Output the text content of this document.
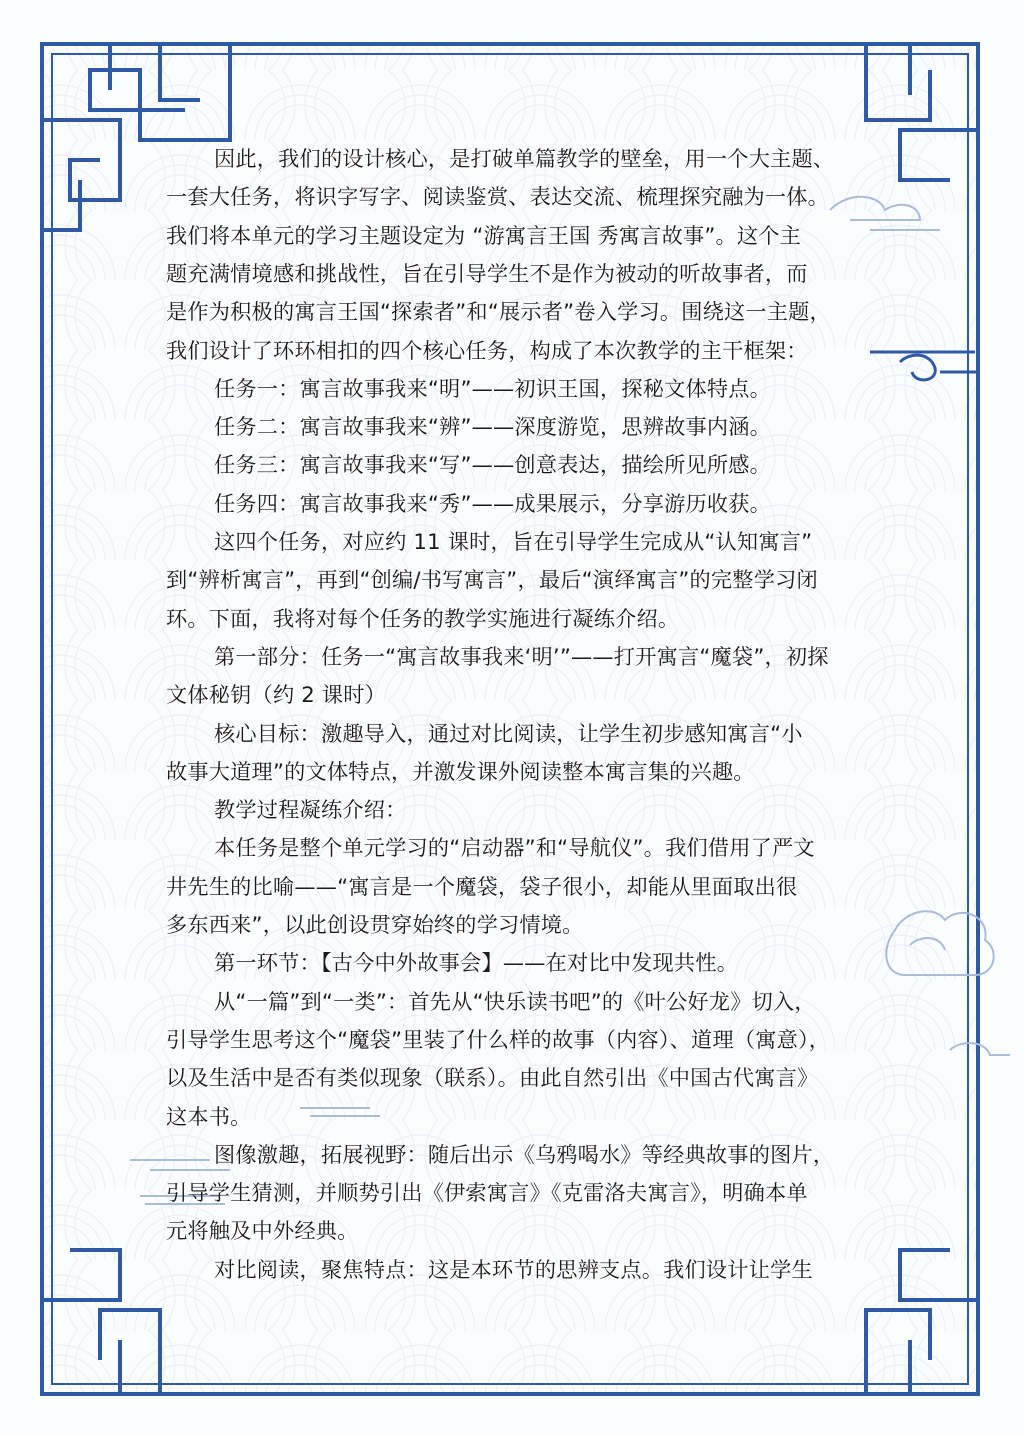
因此，我们的设计核心，是打破单篇教学的壁垒，用一个大主题、
一套大任务，将识字写字、阅读鉴赏、表达交流、梳理探究融为一体。
我们将本单元的学习主题设定为 “游寓言王国 秀寓言故事”。这个主
题充满情境感和挑战性，旨在引导学生不是作为被动的听故事者，而
是作为积极的寓言王国“探索者”和“展示者”卷入学习。围绕这一主题，
我们设计了环环相扣的四个核心任务，构成了本次教学的主干框架：
任务一：寓言故事我来“明”——初识王国，探秘文体特点。
任务二：寓言故事我来“辨”——深度游览，思辨故事内涵。
任务三：寓言故事我来“写”——创意表达，描绘所见所感。
任务四：寓言故事我来“秀”——成果展示，分享游历收获。
这四个任务，对应约 11 课时，旨在引导学生完成从“认知寓言”
到“辨析寓言”，再到“创编/书写寓言”，最后“演绎寓言”的完整学习闭
环。下面，我将对每个任务的教学实施进行凝练介绍。
第一部分：任务一“寓言故事我来‘明’”——打开寓言“魔袋”，初探
文体秘钥（约 2 课时）
核心目标：激趣导入，通过对比阅读，让学生初步感知寓言“小
故事大道理”的文体特点，并激发课外阅读整本寓言集的兴趣。
教学过程凝练介绍：
本任务是整个单元学习的“启动器”和“导航仪”。我们借用了严文
井先生的比喻——“寓言是一个魔袋，袋子很小，却能从里面取出很
多东西来”，以此创设贯穿始终的学习情境。
第一环节：【古今中外故事会】——在对比中发现共性。
从“一篇”到“一类”：首先从“快乐读书吧”的《叶公好龙》切入，
引导学生思考这个“魔袋”里装了什么样的故事（内容）、道理（寓意），
以及生活中是否有类似现象（联系）。由此自然引出《中国古代寓言》
这本书。
图像激趣，拓展视野：随后出示《乌鸦喝水》等经典故事的图片，
引导学生猜测，并顺势引出《伊索寓言》《克雷洛夫寓言》，明确本单
元将触及中外经典。
对比阅读，聚焦特点：这是本环节的思辨支点。我们设计让学生
